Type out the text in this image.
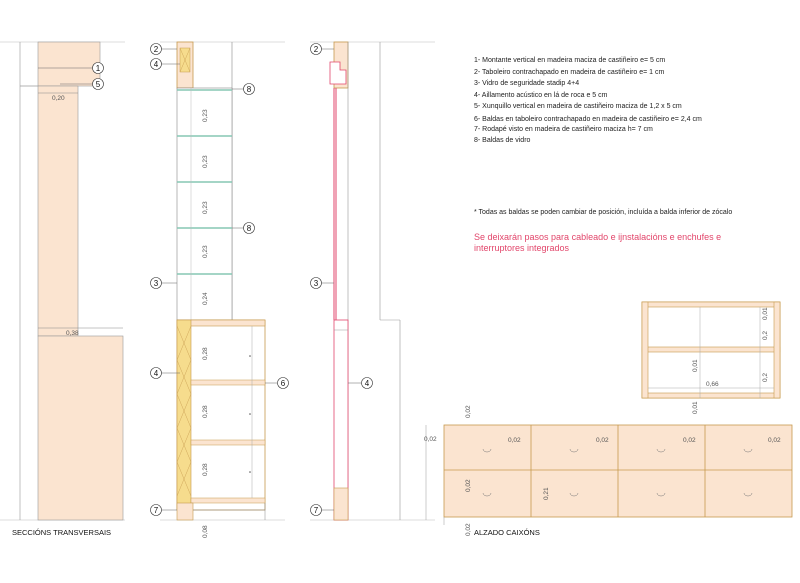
0,20
0,38
1
5
0,23
0,23
0,23
0,23
0,24
0,28
0,28
0,28
0,08
2
4
8
8
3
4
6
7
2
3
4
7
0,66
0,01
0,2
0,2
0,01
0,01
0,02	0,02	0,02	0,02	0,02
0,02
0,02
0,02
0,21
1- Montante vertical en madeira maciza de castiñeiro e= 5 cm
2- Taboleiro contrachapado en madeira de castiñeiro e= 1 cm
3- Vidro de seguridade stadip 4+4
4- Aillamento acústico en lá de roca e 5 cm
5- Xunquillo vertical en madeira de castiñeiro maciza de 1,2 x 5 cm
6- Baldas en taboleiro contrachapado en madeira de castiñeiro e= 2,4 cm
7- Rodapé visto en madeira de castiñeiro maciza h= 7 cm
8- Baldas de vidro
* Todas as baldas se poden cambiar de posición, incluída a balda inferior de zócalo
Se deixarán pasos para cableado e ijnstalacións e enchufes e interruptores integrados
SECCIÓNS TRANSVERSAIS	ALZADO CAIXÓNS
